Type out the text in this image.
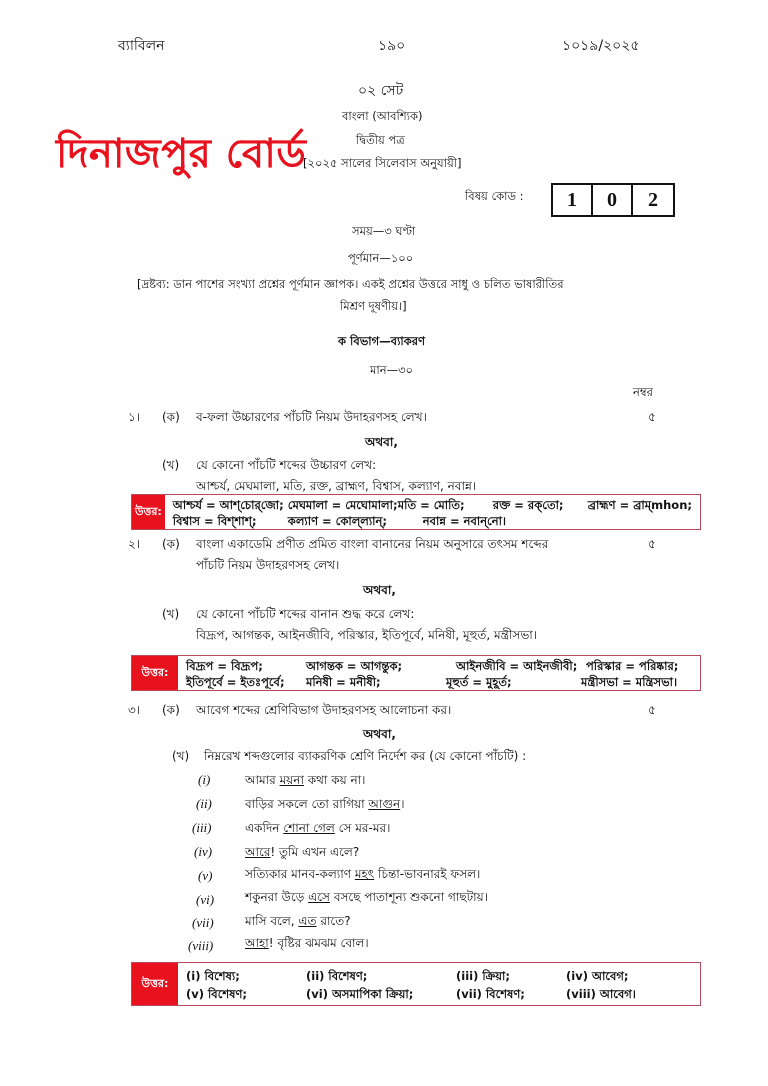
ব্যাবিলন	১৯০	১০১৯/২০২৫
০২ সেট
দিনাজপুর বোর্ড
বাংলা (আবশ্যিক)
দ্বিতীয় পত্র
[২০২৫ সালের সিলেবাস অনুযায়ী]
বিষয় কোড :	1	0	2
সময়—৩ ঘণ্টা
পূর্ণমান—১০০
[দ্রষ্টব্য: ডান পাশের সংখ্যা প্রশ্নের পূর্ণমান জ্ঞাপক। একই প্রশ্নের উত্তরে সাধু ও চলিত ভাষারীতির
মিশ্রণ দূষণীয়।]
ক বিভাগ—ব্যাকরণ
মান—৩০
নম্বর
১। (ক) ব-ফলা উচ্চারণের পাঁচটি নিয়ম উদাহরণসহ লেখ।	৫
অথবা,
(খ) যে কোনো পাঁচটি শব্দের উচ্চারণ লেখ:
আশ্চর্য, মেঘমালা, মতি, রক্ত, ব্রাহ্মণ, বিশ্বাস, কল্যাণ, নবান্ন।
উত্তর: আশ্চর্য = আশ্‌চোর্‌জো; মেঘমালা = মেঘোমালা; মতি = মোতি;	রক্ত = রক্‌তো;	ব্রাহ্মণ = ব্রাম্‌mhon;
বিশ্বাস = বিশ্‌শাশ্‌;	কল্যাণ = কোল্‌ল্যান্‌;	নবান্ন = নবান্‌নো।
২। (ক) বাংলা একাডেমি প্রণীত প্রমিত বাংলা বানানের নিয়ম অনুসারে তৎসম শব্দের	৫
পাঁচটি নিয়ম উদাহরণসহ লেখ।
অথবা,
(খ) যে কোনো পাঁচটি শব্দের বানান শুদ্ধ করে লেখ:
বিদ্রূপ, আগন্তক, আইনজীবি, পরিস্কার, ইতিপূর্বে, মনিষী, মূহুর্ত, মন্ত্রীসভা।
উত্তর:	বিদ্রূপ = বিদ্রূপ;	আগন্তক = আগন্তুক;	আইনজীবি = আইনজীবী; পরিস্কার = পরিষ্কার;
ইতিপূর্বে = ইতঃপূর্বে;	মনিষী = মনীষী;	মূহুর্ত = মুহূর্ত;	মন্ত্রীসভা = মন্ত্রিসভা।
৩। (ক) আবেগ শব্দের শ্রেণিবিভাগ উদাহরণসহ আলোচনা কর।	৫
অথবা,
(খ) নিম্নরেখ শব্দগুলোর ব্যাকরণিক শ্রেণি নির্দেশ কর (যে কোনো পাঁচটি) :
(i)	আমার ময়না কথা কয় না।
(ii)	বাড়ির সকলে তো রাগিয়া আগুন।
(iii)	একদিন শোনা গেল সে মর-মর।
(iv)	আরে! তুমি এখন এলে?
(v)	সত্যিকার মানব-কল্যাণ মহৎ চিন্তা-ভাবনারই ফসল।
(vi)	শকুনরা উড়ে এসে বসছে পাতাশূন্য শুকনো গাছটায়।
(vii)	মাসি বলে, এত রাতে?
(viii)	আহা! বৃষ্টির ঝমঝম বোল।
উত্তর:	(i) বিশেষ্য;	(ii) বিশেষণ;	(iii) ক্রিয়া;	(iv) আবেগ;
(v) বিশেষণ;	(vi) অসমাপিকা ক্রিয়া;	(vii) বিশেষণ;	(viii) আবেগ।
